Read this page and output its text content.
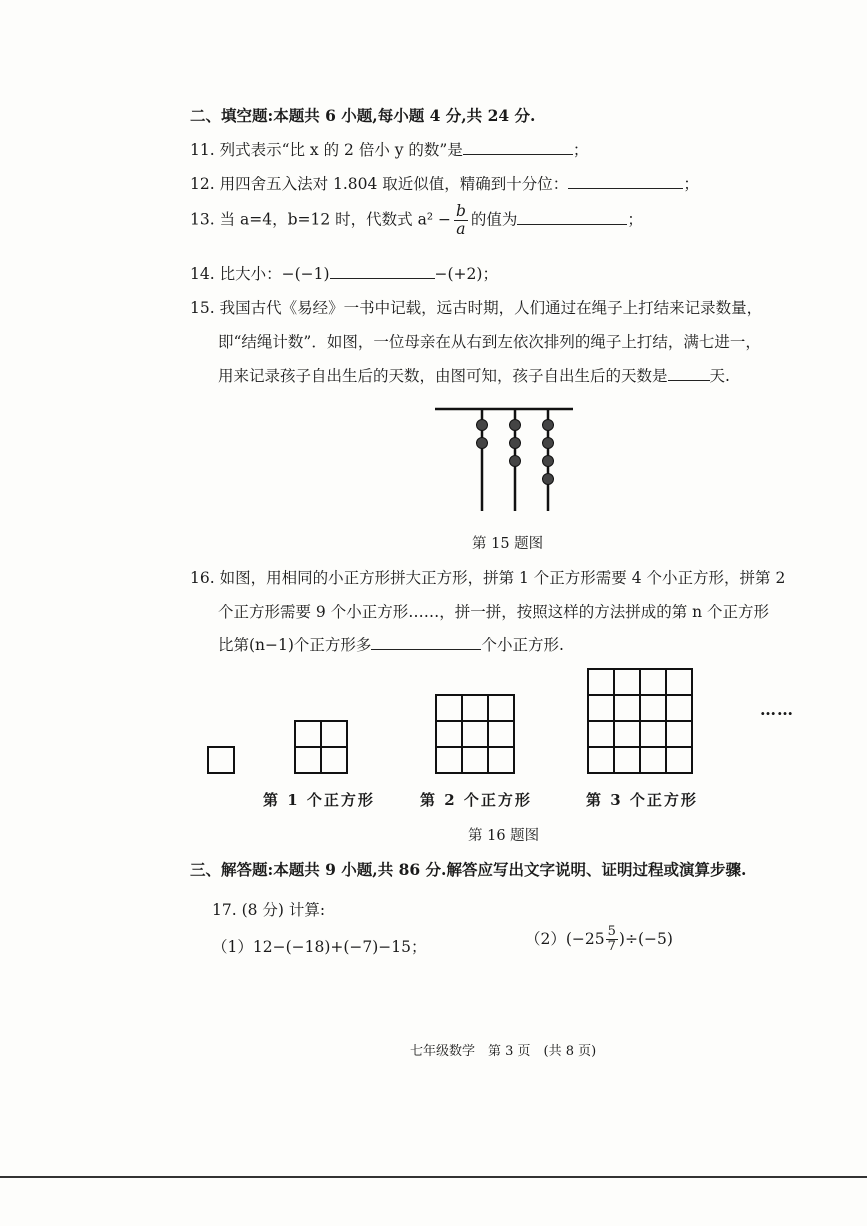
二、填空题:本题共 6 小题,每小题 4 分,共 24 分.
11. 列式表示“比 x 的 2 倍小 y 的数”是	；
12. 用四舍五入法对 1.804 取近似值，精确到十分位：	；
13. 当 a=4，b=12 时，代数式 $a^2 - \frac{b}{a}$ 的值为	；
14. 比大小：−(−1)	−(+2)；
15. 我国古代《易经》一书中记载，远古时期，人们通过在绳子上打结来记录数量，
即“结绳计数”．如图，一位母亲在从右到左依次排列的绳子上打结，满七进一，
用来记录孩子自出生后的天数，由图可知，孩子自出生后的天数是	天.
第 15 题图
16. 如图，用相同的小正方形拼大正方形，拼第 1 个正方形需要 4 个小正方形，拼第 2
个正方形需要 9 个小正方形……，拼一拼，按照这样的方法拼成的第 n 个正方形
比第(n−1)个正方形多	个小正方形.
……
第 1 个正方形	第 2 个正方形	第 3 个正方形
第 16 题图
三、解答题:本题共 9 小题,共 86 分.解答应写出文字说明、证明过程或演算步骤.
17. (8 分) 计算:
（1）12−(−18)+(−7)−15；	$(2)(-25 \frac{5}{7} )\div(-5)$
七年级数学　第 3 页　(共 8 页)
